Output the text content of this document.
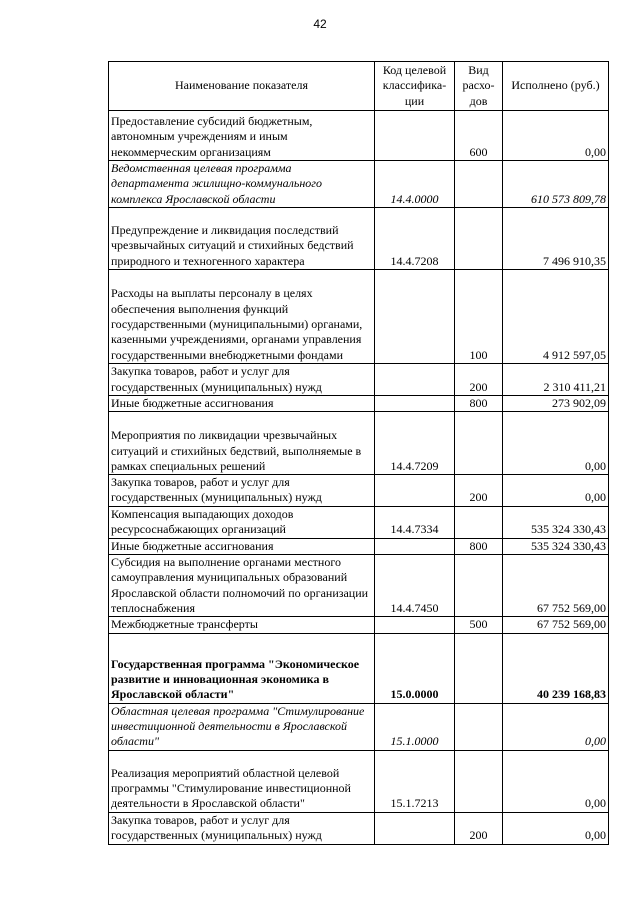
42
Наименование показателя	Код целевой классифика-ции	Вид расхо-дов	Исполнено (руб.)
Предоставление субсидий бюджетным, автономным учреждениям и иным некоммерческим организациям		600	0,00
Ведомственная целевая программа департамента жилищно-коммунального комплекса Ярославской области	14.4.0000		610 573 809,78
Предупреждение и ликвидация последствий чрезвычайных ситуаций и стихийных бедствий природного и техногенного характера	14.4.7208		7 496 910,35
Расходы на выплаты персоналу в целях обеспечения выполнения функций государственными (муниципальными) органами, казенными учреждениями, органами управления государственными внебюджетными фондами		100	4 912 597,05
Закупка товаров, работ и услуг для государственных (муниципальных) нужд		200	2 310 411,21
Иные бюджетные ассигнования		800	273 902,09
Мероприятия по ликвидации чрезвычайных ситуаций и стихийных бедствий, выполняемые в рамках специальных решений	14.4.7209		0,00
Закупка товаров, работ и услуг для государственных (муниципальных) нужд		200	0,00
Компенсация выпадающих доходов ресурсоснабжающих организаций	14.4.7334		535 324 330,43
Иные бюджетные ассигнования		800	535 324 330,43
Субсидия на выполнение органами местного самоуправления муниципальных образований Ярославской области полномочий по организации теплоснабжения	14.4.7450		67 752 569,00
Межбюджетные трансферты		500	67 752 569,00
Государственная программа "Экономическое развитие и инновационная экономика в Ярославской области"	15.0.0000		40 239 168,83
Областная целевая программа "Стимулирование инвестиционной деятельности в Ярославской области"	15.1.0000		0,00
Реализация мероприятий областной целевой программы "Стимулирование инвестиционной деятельности в Ярославской области"	15.1.7213		0,00
Закупка товаров, работ и услуг для государственных (муниципальных) нужд		200	0,00
